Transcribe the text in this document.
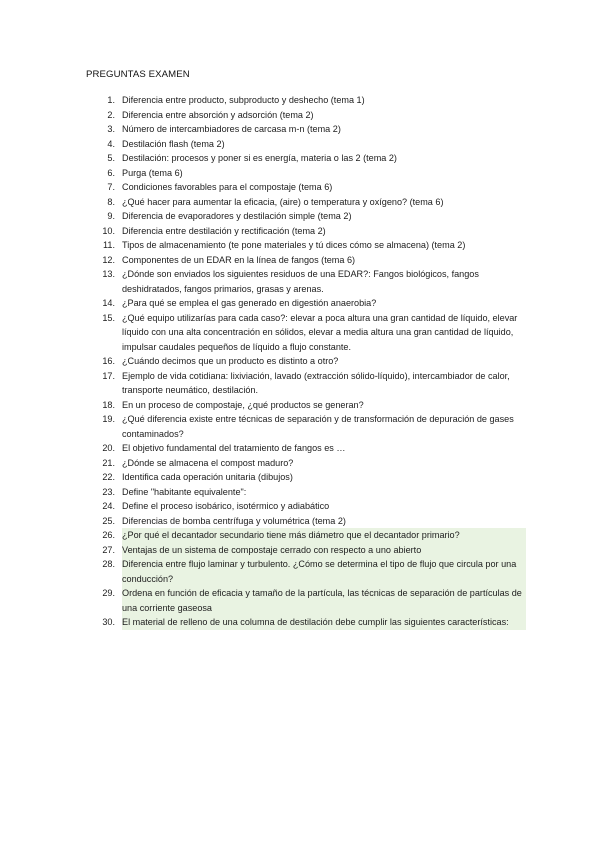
PREGUNTAS EXAMEN
1. Diferencia entre producto, subproducto y deshecho (tema 1)
2. Diferencia entre absorción y adsorción (tema 2)
3. Número de intercambiadores de carcasa m-n (tema 2)
4. Destilación flash (tema 2)
5. Destilación: procesos y poner si es energía, materia o las 2 (tema 2)
6. Purga (tema 6)
7. Condiciones favorables para el compostaje (tema 6)
8. ¿Qué hacer para aumentar la eficacia, (aire) o temperatura y oxígeno? (tema 6)
9. Diferencia de evaporadores y destilación simple (tema 2)
10. Diferencia entre destilación y rectificación (tema 2)
11. Tipos de almacenamiento (te pone materiales y tú dices cómo se almacena) (tema 2)
12. Componentes de un EDAR en la línea de fangos (tema 6)
13. ¿Dónde son enviados los siguientes residuos de una EDAR?: Fangos biológicos, fangos deshidratados, fangos primarios, grasas y arenas.
14. ¿Para qué se emplea el gas generado en digestión anaerobia?
15. ¿Qué equipo utilizarías para cada caso?: elevar a poca altura una gran cantidad de líquido, elevar líquido con una alta concentración en sólidos, elevar a media altura una gran cantidad de líquido, impulsar caudales pequeños de líquido a flujo constante.
16. ¿Cuándo decimos que un producto es distinto a otro?
17. Ejemplo de vida cotidiana: lixiviación, lavado (extracción sólido-líquido), intercambiador de calor, transporte neumático, destilación.
18. En un proceso de compostaje, ¿qué productos se generan?
19. ¿Qué diferencia existe entre técnicas de separación y de transformación de depuración de gases contaminados?
20. El objetivo fundamental del tratamiento de fangos es …
21. ¿Dónde se almacena el compost maduro?
22. Identifica cada operación unitaria (dibujos)
23. Define "habitante equivalente":
24. Define el proceso isobárico, isotérmico y adiabático
25. Diferencias de bomba centrífuga y volumétrica (tema 2)
26. ¿Por qué el decantador secundario tiene más diámetro que el decantador primario?
27. Ventajas de un sistema de compostaje cerrado con respecto a uno abierto
28. Diferencia entre flujo laminar y turbulento. ¿Cómo se determina el tipo de flujo que circula por una conducción?
29. Ordena en función de eficacia y tamaño de la partícula, las técnicas de separación de partículas de una corriente gaseosa
30. El material de relleno de una columna de destilación debe cumplir las siguientes características:
